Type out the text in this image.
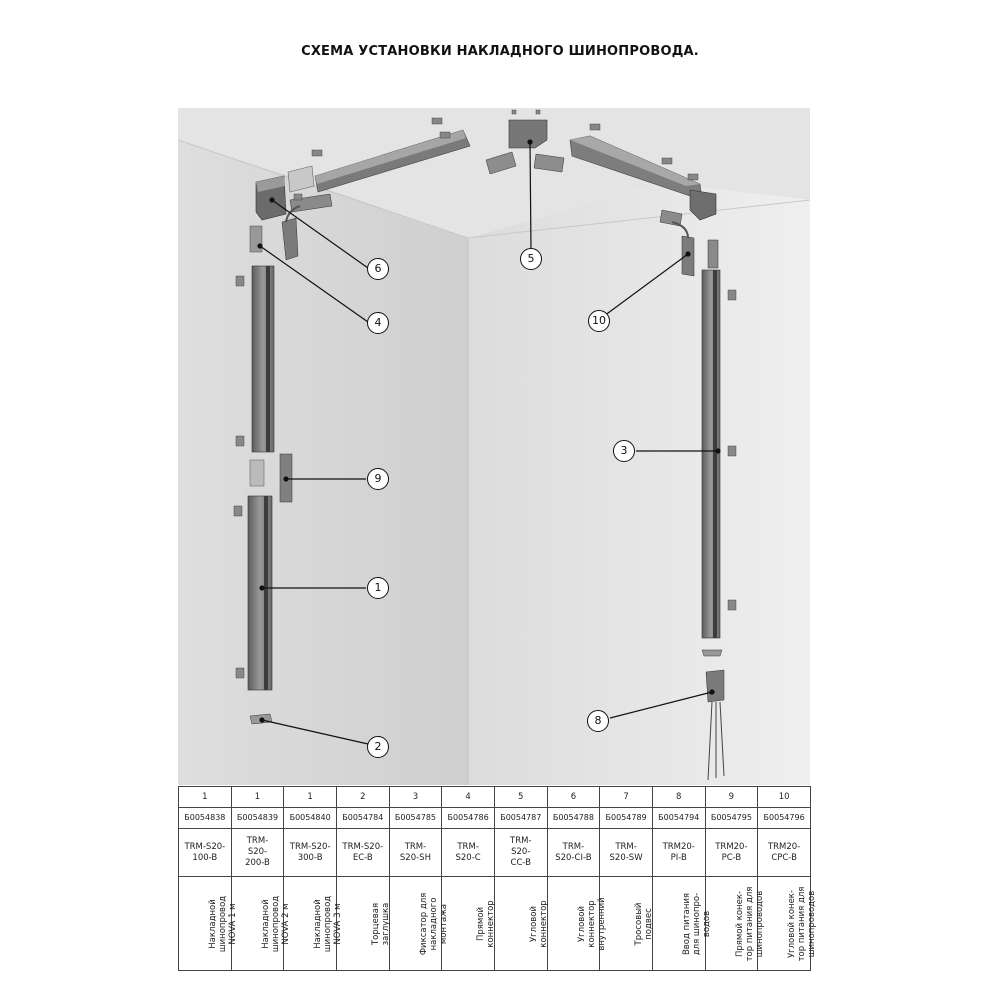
СХЕМА УСТАНОВКИ НАКЛАДНОГО ШИНОПРОВОДА.
6
5
4	10
3
9
1
8
2
1	1	1	2	3	4	5	6	7	8	9	10
Б0054838	Б0054839	Б0054840	Б0054784	Б0054785	Б0054786	Б0054787	Б0054788	Б0054789	Б0054794	Б0054795	Б0054796

TRM-S20-
100-B	TRM-
S20-
200-B	TRM-S20-
300-B	TRM-S20-
EC-B	TRM-
S20-SH	TRM-
S20-C	TRM-
S20-
CC-B	TRM-
S20-CI-B	TRM-
S20-SW	TRM20-
PI-B	TRM20-
PC-B	TRM20-
CPC-B

Накладной
шинопровод
NOVA 1 м	Накладной
шинопровод
NOVA 2 м	Накладной
шинопровод
NOVA 3 м	Торцевая
заглушка	Фиксатор для
накладного
монтажа	Прямой
коннектор	Угловой
коннектор	Угловой
коннектор
внутренний	Тросовый
подвес	Ввод питания
для шинопро-
водов	Прямой конек-
тор питания для
шинопроводов	Угловой конек-
тор питания для
шинопроводов
